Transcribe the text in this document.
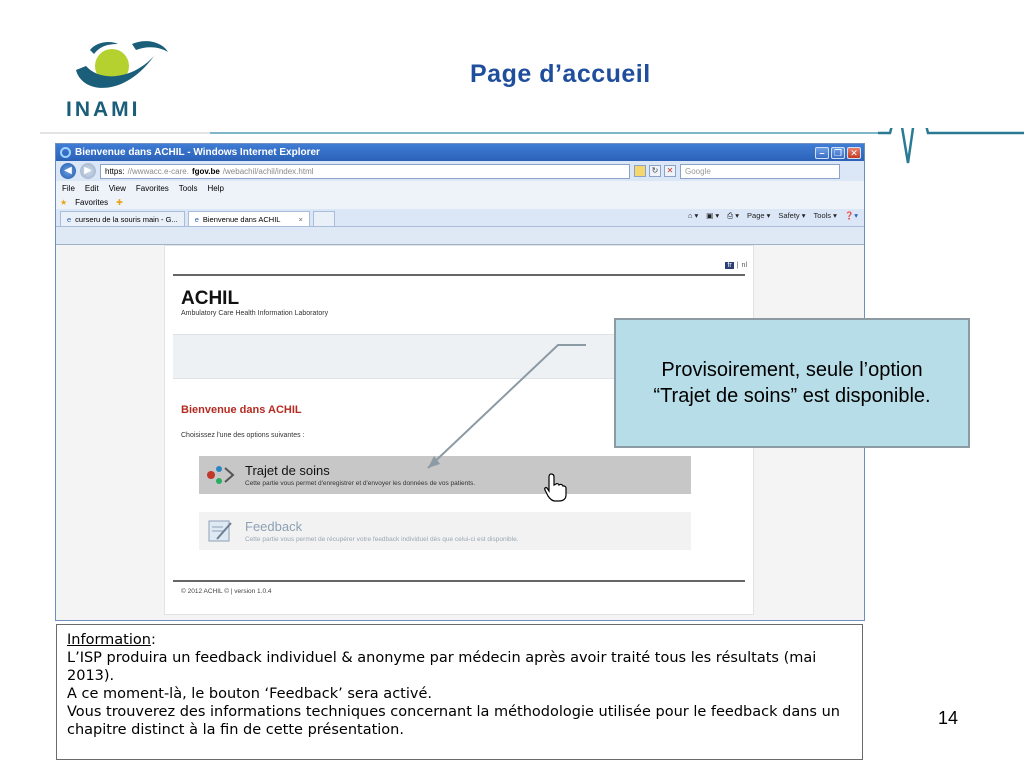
INAMI
Page d’accueil
Bienvenue dans ACHIL - Windows Internet Explorer	–	❐ ✕
◀	▶	https: //wwwacc.e-care. fgov.be /webachil/achil/index.html	↻	✕	Google
File Edit View Favorites Tools Help
★ Favorites ✚
e curseru de la souris main - G... e Bienvenue dans ACHIL ×	⌂ ▾ ▣ ▾ ⎙ ▾ Page ▾ Safety ▾ Tools ▾ ❓▾
fr | nl
ACHIL
Ambulatory Care Health Information Laboratory
Bienvenue dans ACHIL
Choisissez l'une des options suivantes :
Trajet de soins
Cette partie vous permet d'enregistrer et d'envoyer les données de vos patients.
Feedback
Cette partie vous permet de récupérer votre feedback individuel dès que celui-ci est disponible.
© 2012 ACHIL © | version 1.0.4
Provisoirement, seule l’option
“Trajet de soins” est disponible.
Information:
L’ISP produira un feedback individuel & anonyme par médecin après avoir traité tous les résultats (mai 2013).
A ce moment-là, le bouton ‘Feedback’ sera activé.
Vous trouverez des informations techniques concernant la méthodologie utilisée pour le feedback dans un chapitre distinct à la fin de cette présentation.
14
